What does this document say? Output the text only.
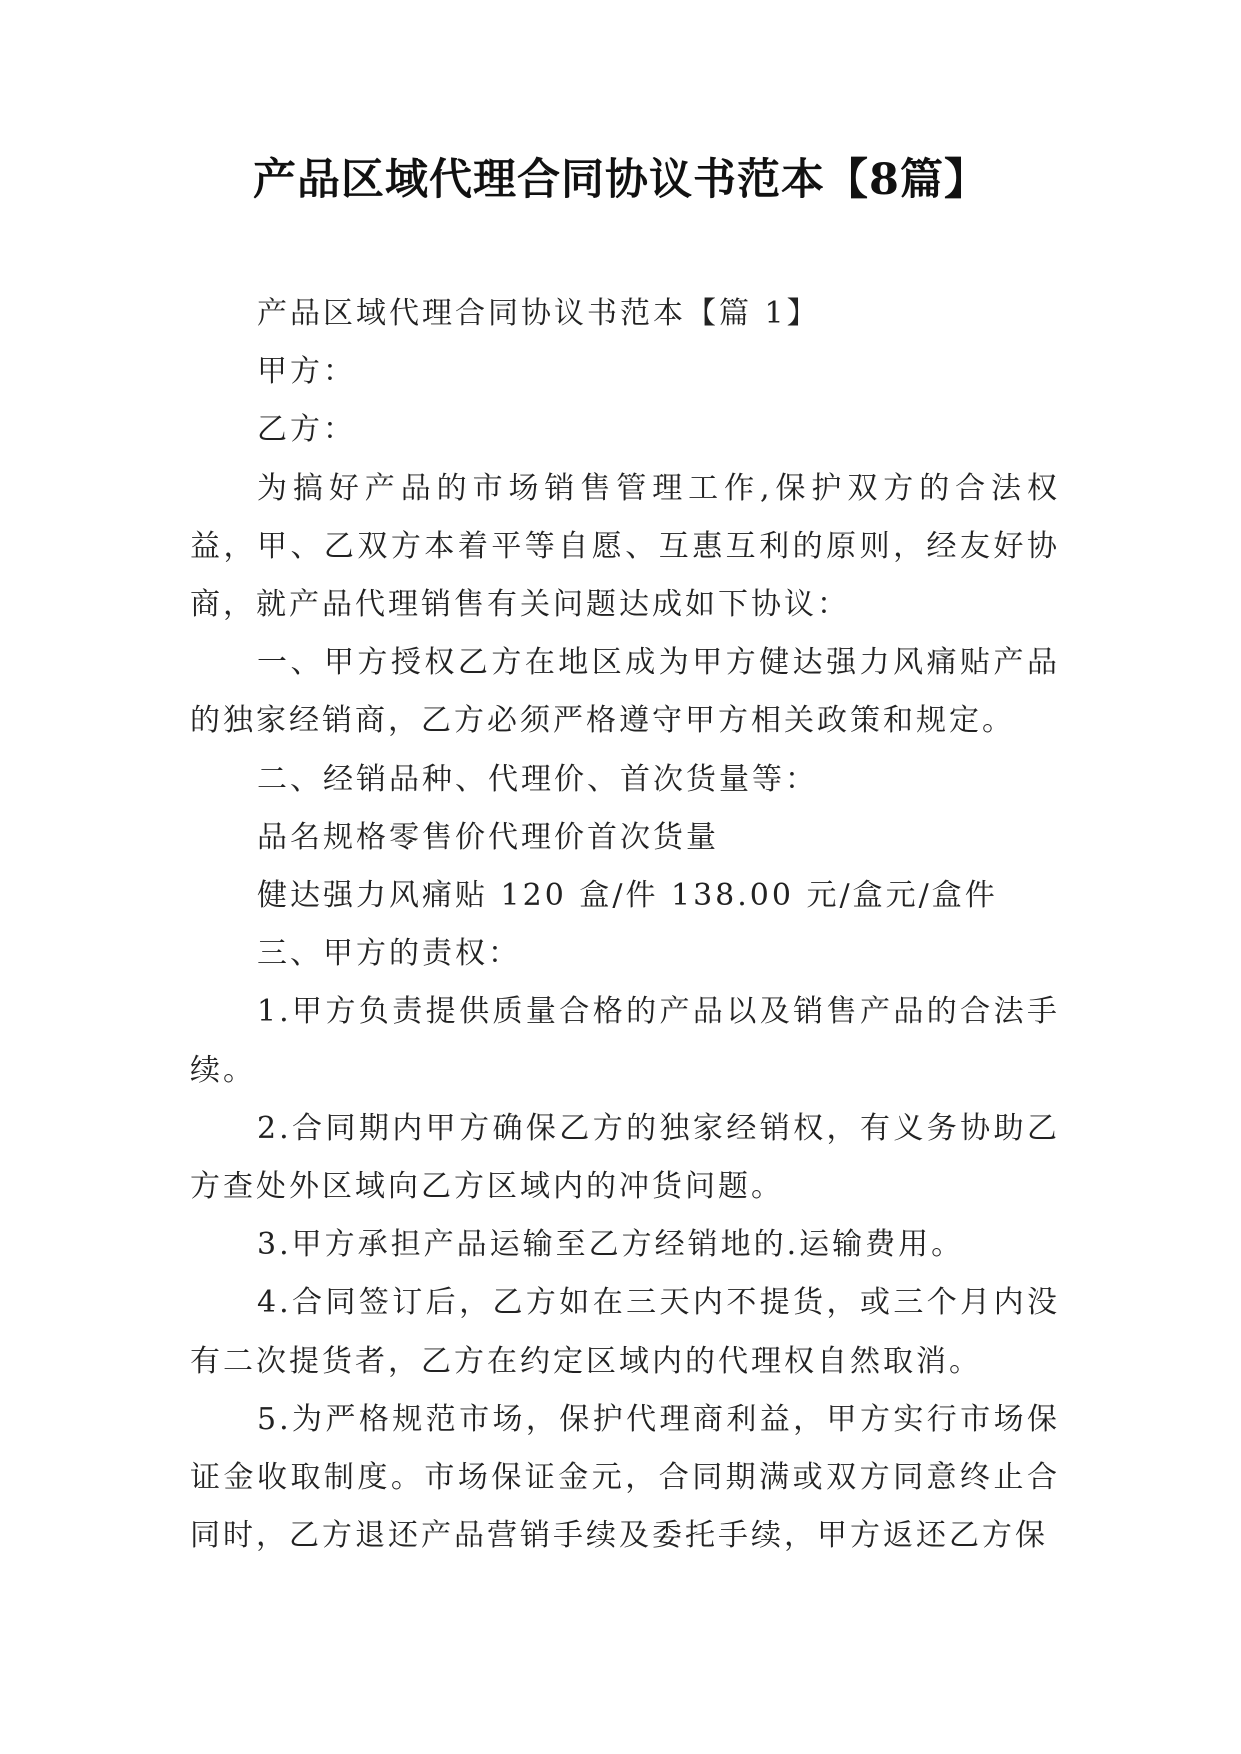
产品区域代理合同协议书范本【8篇】

产品区域代理合同协议书范本【篇 1】

甲方：

乙方：

为搞好产品的市场销售管理工作,保护双方的合法权益，甲、乙双方本着平等自愿、互惠互利的原则，经友好协商，就产品代理销售有关问题达成如下协议：

一、甲方授权乙方在地区成为甲方健达强力风痛贴产品的独家经销商，乙方必须严格遵守甲方相关政策和规定。

二、经销品种、代理价、首次货量等：

品名规格零售价代理价首次货量

健达强力风痛贴 120 盒/件 138.00 元/盒元/盒件

三、甲方的责权：

1.甲方负责提供质量合格的产品以及销售产品的合法手续。

2.合同期内甲方确保乙方的独家经销权，有义务协助乙方查处外区域向乙方区域内的冲货问题。

3.甲方承担产品运输至乙方经销地的.运输费用。

4.合同签订后，乙方如在三天内不提货，或三个月内没有二次提货者，乙方在约定区域内的代理权自然取消。

5.为严格规范市场，保护代理商利益，甲方实行市场保证金收取制度。市场保证金元，合同期满或双方同意终止合同时，乙方退还产品营销手续及委托手续，甲方返还乙方保
